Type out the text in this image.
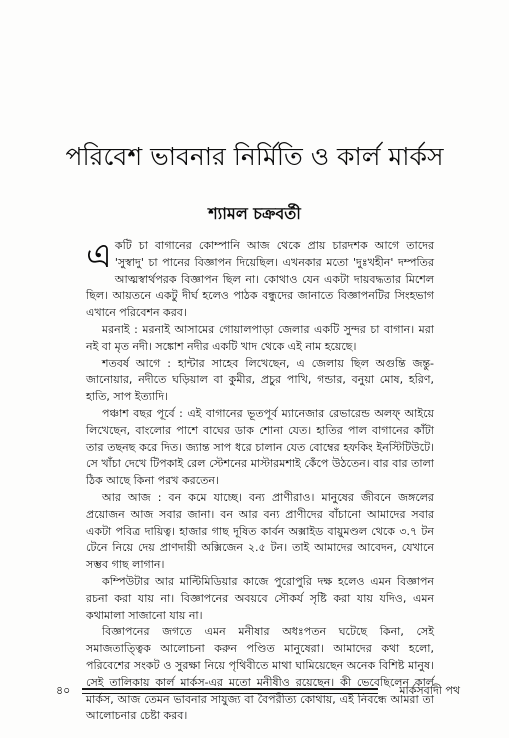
পরিবেশ ভাবনার নির্মিতি ও কার্ল মার্কস
শ্যামল চক্রবর্তী

একটি চা বাগানের কোম্পানি আজ থেকে প্রায় চারদশক আগে তাদের 'সুস্বাদু' চা পানের বিজ্ঞাপন দিয়েছিল। এখনকার মতো 'দুঃখহীন' দম্পতির আত্মস্বার্থপরক বিজ্ঞাপন ছিল না। কোথাও যেন একটা দায়বদ্ধতার মিশেল ছিল। আয়তনে একটু দীর্ঘ হলেও পাঠক বন্ধুদের জানাতে বিজ্ঞাপনটির সিংহভাগ এখানে পরিবেশন করব।

মরনাই : মরনাই আসামের গোয়ালপাড়া জেলার একটি সুন্দর চা বাগান। মরা নই বা মৃত নদী। সঙ্কোশ নদীর একটি খাদ থেকে এই নাম হয়েছে।

শতবর্ষ আগে : হান্টার সাহেব লিখেছেন, এ জেলায় ছিল অগুন্তি জন্তু-জানোয়ার, নদীতে ঘড়িয়াল বা কুমীর, প্রচুর পাখি, গন্ডার, বনুয়া মোষ, হরিণ, হাতি, সাপ ইত্যাদি।

পঞ্চাশ বছর পূর্বে : এই বাগানের ভূতপূর্ব ম্যানেজার রেভারেন্ড অলফ্ আইয়ে লিখেছেন, বাংলোর পাশে বাঘের ডাক শোনা যেত। হাতির পাল বাগানের কাঁটা তার তছনছ করে দিত। জ্যান্ত সাপ ধরে চালান যেত বোম্বের হফকিং ইনস্টিটিউটে। সে খাঁচা দেখে টিপকাই রেল স্টেশনের মাস্টারমশাই কেঁপে উঠতেন। বার বার তালা ঠিক আছে কিনা পরখ করতেন।

আর আজ : বন কমে যাচ্ছে। বন্য প্রাণীরাও। মানুষের জীবনে জঙ্গলের প্রয়োজন আজ সবার জানা। বন আর বন্য প্রাণীদের বাঁচানো আমাদের সবার একটা পবিত্র দায়িত্ব। হাজার গাছ দূষিত কার্বন অক্সাইড বায়ুমণ্ডল থেকে ৩.৭ টন টেনে নিয়ে দেয় প্রাণদায়ী অক্সিজেন ২.৫ টন। তাই আমাদের আবেদন, যেখানে সম্ভব গাছ লাগান।

কম্পিউটার আর মাল্টিমিডিয়ার কাজে পুরোপুরি দক্ষ হলেও এমন বিজ্ঞাপন রচনা করা যায় না। বিজ্ঞাপনের অবয়বে সৌকর্য সৃষ্টি করা যায় যদিও, এমন কথামালা সাজানো যায় না।

বিজ্ঞাপনের জগতে এমন মনীষার অধঃপতন ঘটেছে কিনা, সেই সমাজতাত্ত্বিক আলোচনা করুন পণ্ডিত মানুষেরা। আমাদের কথা হলো, পরিবেশের সংকট ও সুরক্ষা নিয়ে পৃথিবীতে মাথা ঘামিয়েছেন অনেক বিশিষ্ট মানুষ। সেই তালিকায় কার্ল মার্কস-এর মতো মনীষীও রয়েছেন। কী ভেবেছিলেন কার্ল মার্কস, আজ তেমন ভাবনার সাযুজ্য বা বৈপরীত্য কোথায়, এই নিবন্ধে আমরা তা আলোচনার চেষ্টা করব।

৪০	মার্কসবাদী পথ
